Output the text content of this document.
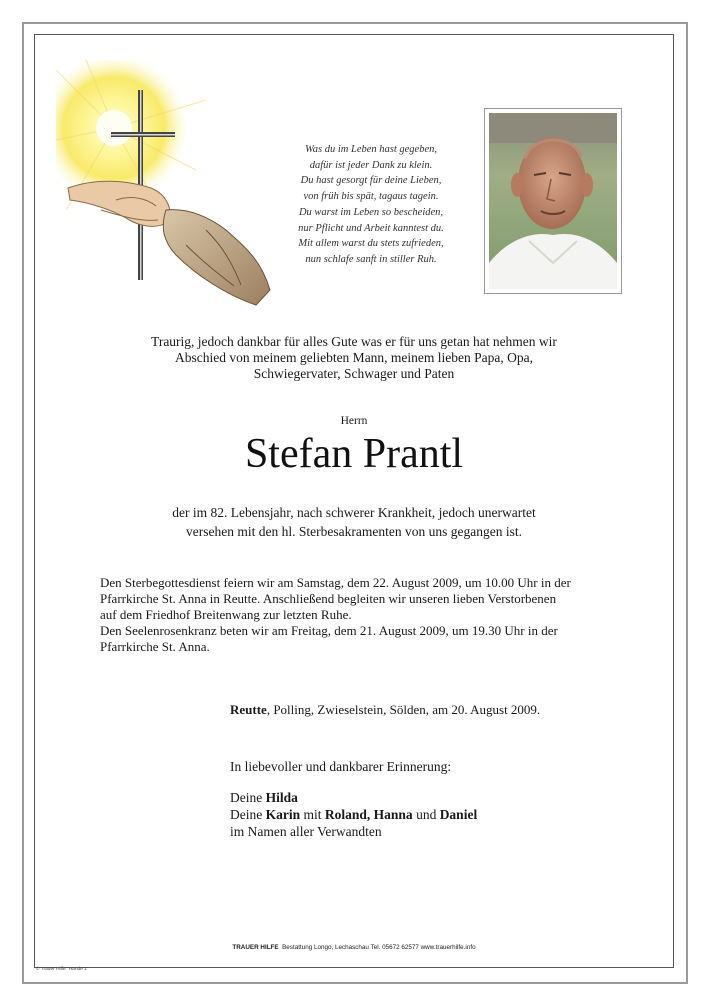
Was du im Leben hast gegeben,
dafür ist jeder Dank zu klein.
Du hast gesorgt für deine Lieben,
von früh bis spät, tagaus tagein.
Du warst im Leben so bescheiden,
nur Pflicht und Arbeit kanntest du.
Mit allem warst du stets zufrieden,
nun schlafe sanft in stiller Ruh.
Traurig, jedoch dankbar für alles Gute was er für uns getan hat nehmen wir
Abschied von meinem geliebten Mann, meinem lieben Papa, Opa,
Schwiegervater, Schwager und Paten
Herrn
Stefan Prantl
der im 82. Lebensjahr, nach schwerer Krankheit, jedoch unerwartet
versehen mit den hl. Sterbesakramenten von uns gegangen ist.
Den Sterbegottesdienst feiern wir am Samstag, dem 22. August 2009, um 10.00 Uhr in der
Pfarrkirche St. Anna in Reutte. Anschließend begleiten wir unseren lieben Verstorbenen
auf dem Friedhof Breitenwang zur letzten Ruhe.
Den Seelenrosenkranz beten wir am Freitag, dem 21. August 2009, um 19.30 Uhr in der
Pfarrkirche St. Anna.
Reutte, Polling, Zwieselstein, Sölden, am 20. August 2009.
In liebevoller und dankbarer Erinnerung:
Deine Hilda
Deine Karin mit Roland, Hanna und Daniel
im Namen aller Verwandten
TRAUER HILFE Bestattung Longo, Lechaschau Tel. 05672 62577 www.trauerhilfe.info
© Trauer Hilfe "Hände 1"
